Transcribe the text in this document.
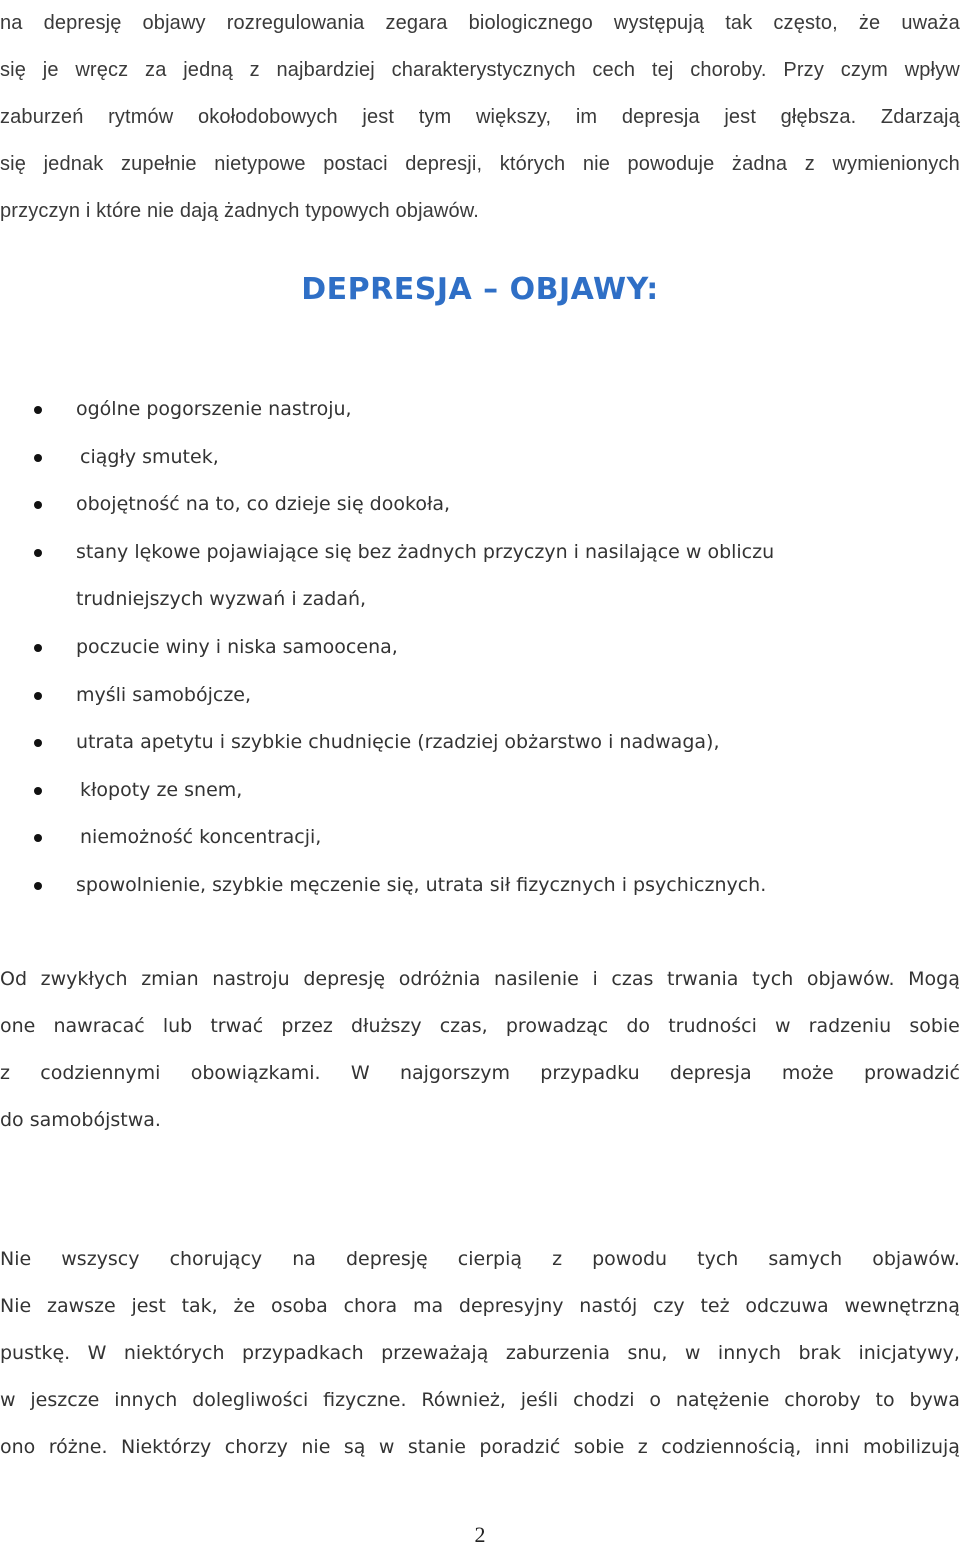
na depresję objawy rozregulowania zegara biologicznego występują tak często, że uważa
się je wręcz za jedną z najbardziej charakterystycznych cech tej choroby. Przy czym wpływ
zaburzeń rytmów okołodobowych jest tym większy, im depresja jest głębsza. Zdarzają
się jednak zupełnie nietypowe postaci depresji, których nie powoduje żadna z wymienionych
przyczyn i które nie dają żadnych typowych objawów.
DEPRESJA – OBJAWY:
ogólne pogorszenie nastroju,
ciągły smutek,
obojętność na to, co dzieje się dookoła,
stany lękowe pojawiające się bez żadnych przyczyn i nasilające w obliczu
trudniejszych wyzwań i zadań,
poczucie winy i niska samoocena,
myśli samobójcze,
utrata apetytu i szybkie chudnięcie (rzadziej obżarstwo i nadwaga),
kłopoty ze snem,
niemożność koncentracji,
spowolnienie, szybkie męczenie się, utrata sił fizycznych i psychicznych.
Od zwykłych zmian nastroju depresję odróżnia nasilenie i czas trwania tych objawów. Mogą
one nawracać lub trwać przez dłuższy czas, prowadząc do trudności w radzeniu sobie
z codziennymi obowiązkami. W najgorszym przypadku depresja może prowadzić
do samobójstwa.
Nie wszyscy chorujący na depresję cierpią z powodu tych samych objawów.
Nie zawsze jest tak, że osoba chora ma depresyjny nastój czy też odczuwa wewnętrzną
pustkę. W niektórych przypadkach przeważają zaburzenia snu, w innych brak inicjatywy,
w jeszcze innych dolegliwości fizyczne. Również, jeśli chodzi o natężenie choroby to bywa
ono różne. Niektórzy chorzy nie są w stanie poradzić sobie z codziennością, inni mobilizują
2
